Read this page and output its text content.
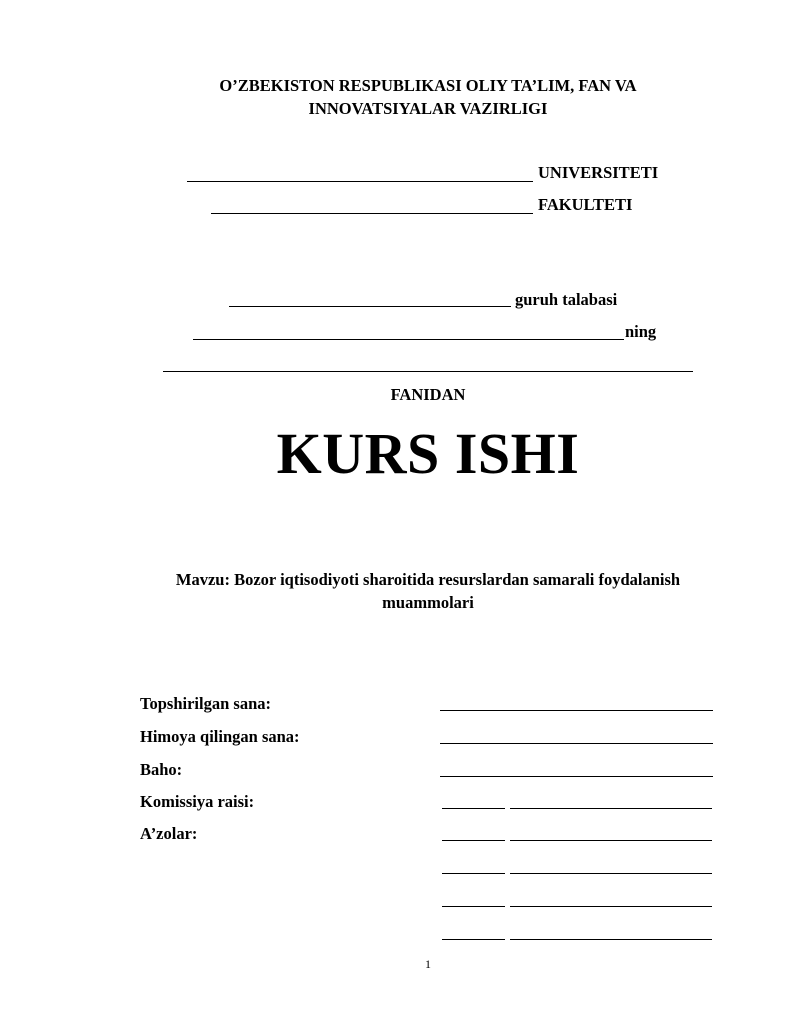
O’ZBEKISTON RESPUBLIKASI OLIY TA’LIM, FAN VA
INNOVATSIYALAR VAZIRLIGI
UNIVERSITETI
FAKULTETI
guruh talabasi
ning
FANIDAN
KURS ISHI
Mavzu: Bozor iqtisodiyoti sharoitida resurslardan samarali foydalanish
muammolari
Topshirilgan sana:
Himoya qilingan sana:
Baho:
Komissiya raisi:
A’zolar:
1
